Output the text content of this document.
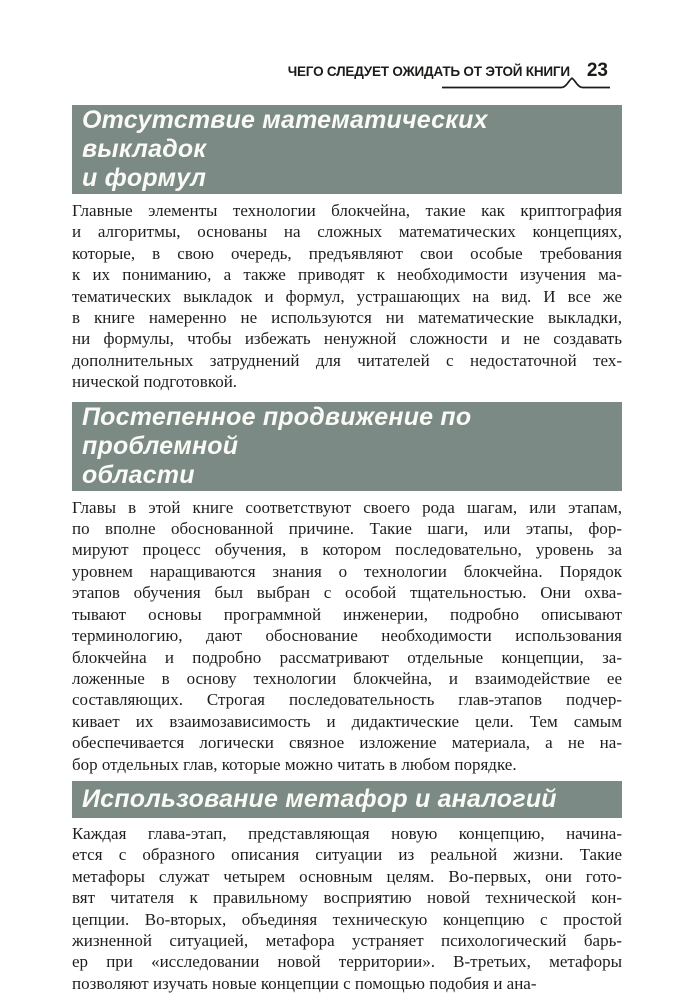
ЧЕГО СЛЕДУЕТ ОЖИДАТЬ ОТ ЭТОЙ КНИГИ 23
Отсутствие математических выкладок
и формул
Главные элементы технологии блокчейна, такие как криптография
и алгоритмы, основаны на сложных математических концепциях,
которые, в свою очередь, предъявляют свои особые требования
к их пониманию, а также приводят к необходимости изучения ма-
тематических выкладок и формул, устрашающих на вид. И все же
в книге намеренно не используются ни математические выкладки,
ни формулы, чтобы избежать ненужной сложности и не создавать
дополнительных затруднений для читателей с недостаточной тех-
нической подготовкой.
Постепенное продвижение по проблемной
области
Главы в этой книге соответствуют своего рода шагам, или этапам,
по вполне обоснованной причине. Такие шаги, или этапы, фор-
мируют процесс обучения, в котором последовательно, уровень за
уровнем наращиваются знания о технологии блокчейна. Порядок
этапов обучения был выбран с особой тщательностью. Они охва-
тывают основы программной инженерии, подробно описывают
терминологию, дают обоснование необходимости использования
блокчейна и подробно рассматривают отдельные концепции, за-
ложенные в основу технологии блокчейна, и взаимодействие ее
составляющих. Строгая последовательность глав-этапов подчер-
кивает их взаимозависимость и дидактические цели. Тем самым
обеспечивается логически связное изложение материала, а не на-
бор отдельных глав, которые можно читать в любом порядке.
Использование метафор и аналогий
Каждая глава-этап, представляющая новую концепцию, начина-
ется с образного описания ситуации из реальной жизни. Такие
метафоры служат четырем основным целям. Во-первых, они гото-
вят читателя к правильному восприятию новой технической кон-
цепции. Во-вторых, объединяя техническую концепцию с простой
жизненной ситуацией, метафора устраняет психологический барь-
ер при «исследовании новой территории». В-третьих, метафоры
позволяют изучать новые концепции с помощью подобия и ана-
